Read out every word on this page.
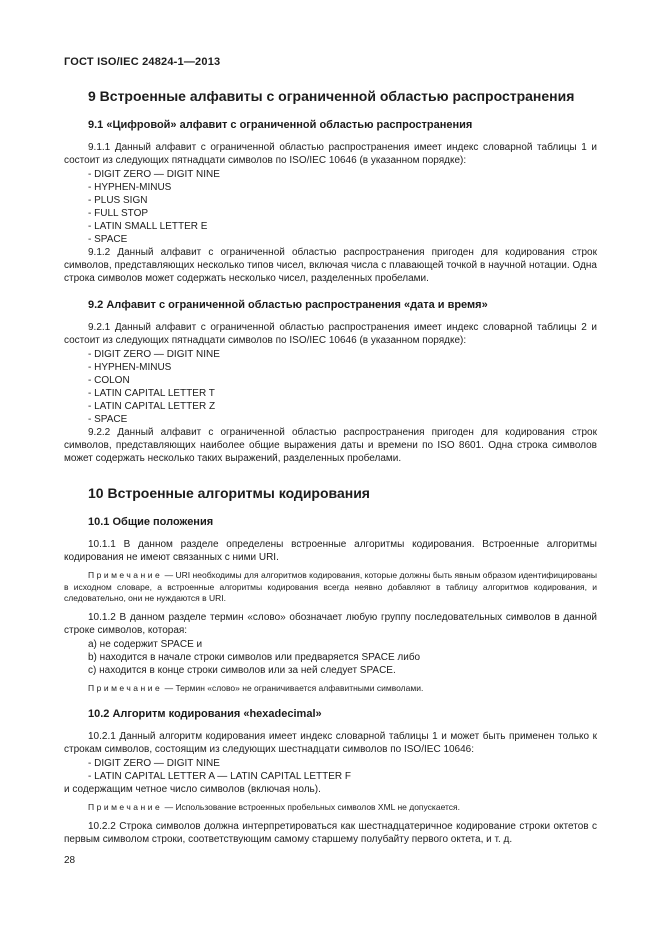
ГОСТ ISO/IEC 24824-1—2013
9 Встроенные алфавиты с ограниченной областью распространения
9.1 «Цифровой» алфавит с ограниченной областью распространения

9.1.1 Данный алфавит с ограниченной областью распространения имеет индекс словарной таблицы 1 и состоит из следующих пятнадцати символов по ISO/IEC 10646 (в указанном порядке):

- DIGIT ZERO — DIGIT NINE
- HYPHEN-MINUS
- PLUS SIGN
- FULL STOP
- LATIN SMALL LETTER E
- SPACE

9.1.2 Данный алфавит с ограниченной областью распространения пригоден для кодирования строк символов, представляющих несколько типов чисел, включая числа с плавающей точкой в научной нотации. Одна строка символов может содержать несколько чисел, разделенных пробелами.

9.2 Алфавит с ограниченной областью распространения «дата и время»

9.2.1 Данный алфавит с ограниченной областью распространения имеет индекс словарной таблицы 2 и состоит из следующих пятнадцати символов по ISO/IEC 10646 (в указанном порядке):

- DIGIT ZERO — DIGIT NINE
- HYPHEN-MINUS
- COLON
- LATIN CAPITAL LETTER T
- LATIN CAPITAL LETTER Z
- SPACE

9.2.2 Данный алфавит с ограниченной областью распространения пригоден для кодирования строк символов, представляющих наиболее общие выражения даты и времени по ISO 8601. Одна строка символов может содержать несколько таких выражений, разделенных пробелами.

10 Встроенные алгоритмы кодирования
10.1 Общие положения

10.1.1 В данном разделе определены встроенные алгоритмы кодирования. Встроенные алгоритмы кодирования не имеют связанных с ними URI.

Примечание — URI необходимы для алгоритмов кодирования, которые должны быть явным образом идентифицированы в исходном словаре, а встроенные алгоритмы кодирования всегда неявно добавляют в таблицу алгоритмов кодирования, и следовательно, они не нуждаются в URI.

10.1.2 В данном разделе термин «слово» обозначает любую группу последовательных символов в данной строке символов, которая:

a) не содержит SPACE и
b) находится в начале строки символов или предваряется SPACE либо
c) находится в конце строки символов или за ней следует SPACE.

Примечание — Термин «слово» не ограничивается алфавитными символами.

10.2 Алгоритм кодирования «hexadecimal»

10.2.1 Данный алгоритм кодирования имеет индекс словарной таблицы 1 и может быть применен только к строкам символов, состоящим из следующих шестнадцати символов по ISO/IEC 10646:

- DIGIT ZERO — DIGIT NINE
- LATIN CAPITAL LETTER A — LATIN CAPITAL LETTER F

и содержащим четное число символов (включая ноль).

Примечание — Использование встроенных пробельных символов XML не допускается.

10.2.2 Строка символов должна интерпретироваться как шестнадцатеричное кодирование строки октетов с первым символом строки, соответствующим самому старшему полубайту первого октета, и т. д.

28
